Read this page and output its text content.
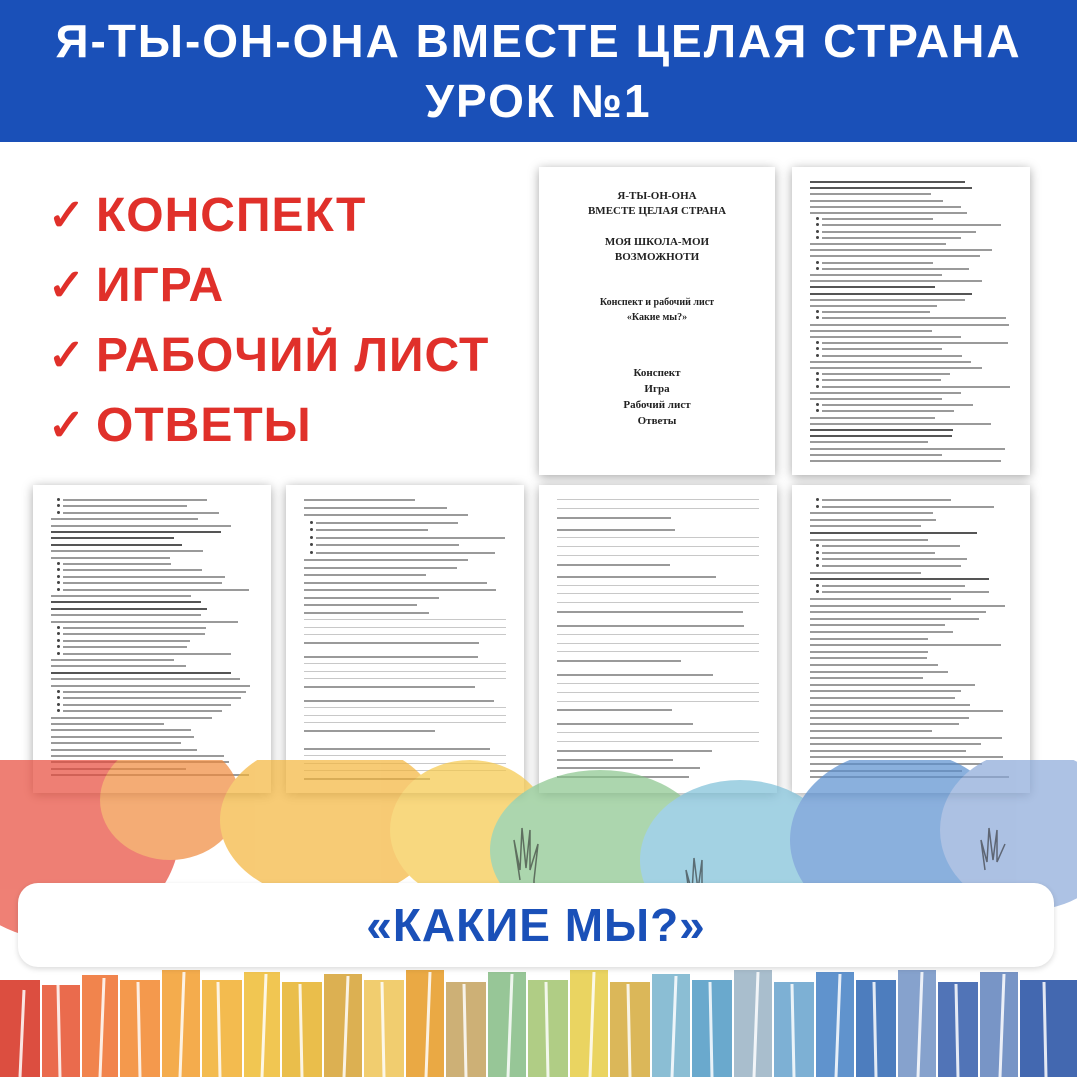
Я-ТЫ-ОН-ОНА ВМЕСТЕ ЦЕЛАЯ СТРАНА
УРОК №1
✓ КОНСПЕКТ
✓ ИГРА
✓ РАБОЧИЙ ЛИСТ
✓ ОТВЕТЫ
Я-ТЫ-ОН-ОНА
ВМЕСТЕ ЦЕЛАЯ СТРАНА
МОЯ ШКОЛА-МОИ
ВОЗМОЖНОТИ
Конспект и рабочий лист
«Какие мы?»
Конспект
Игра
Рабочий лист
Ответы
«КАКИЕ МЫ?»
